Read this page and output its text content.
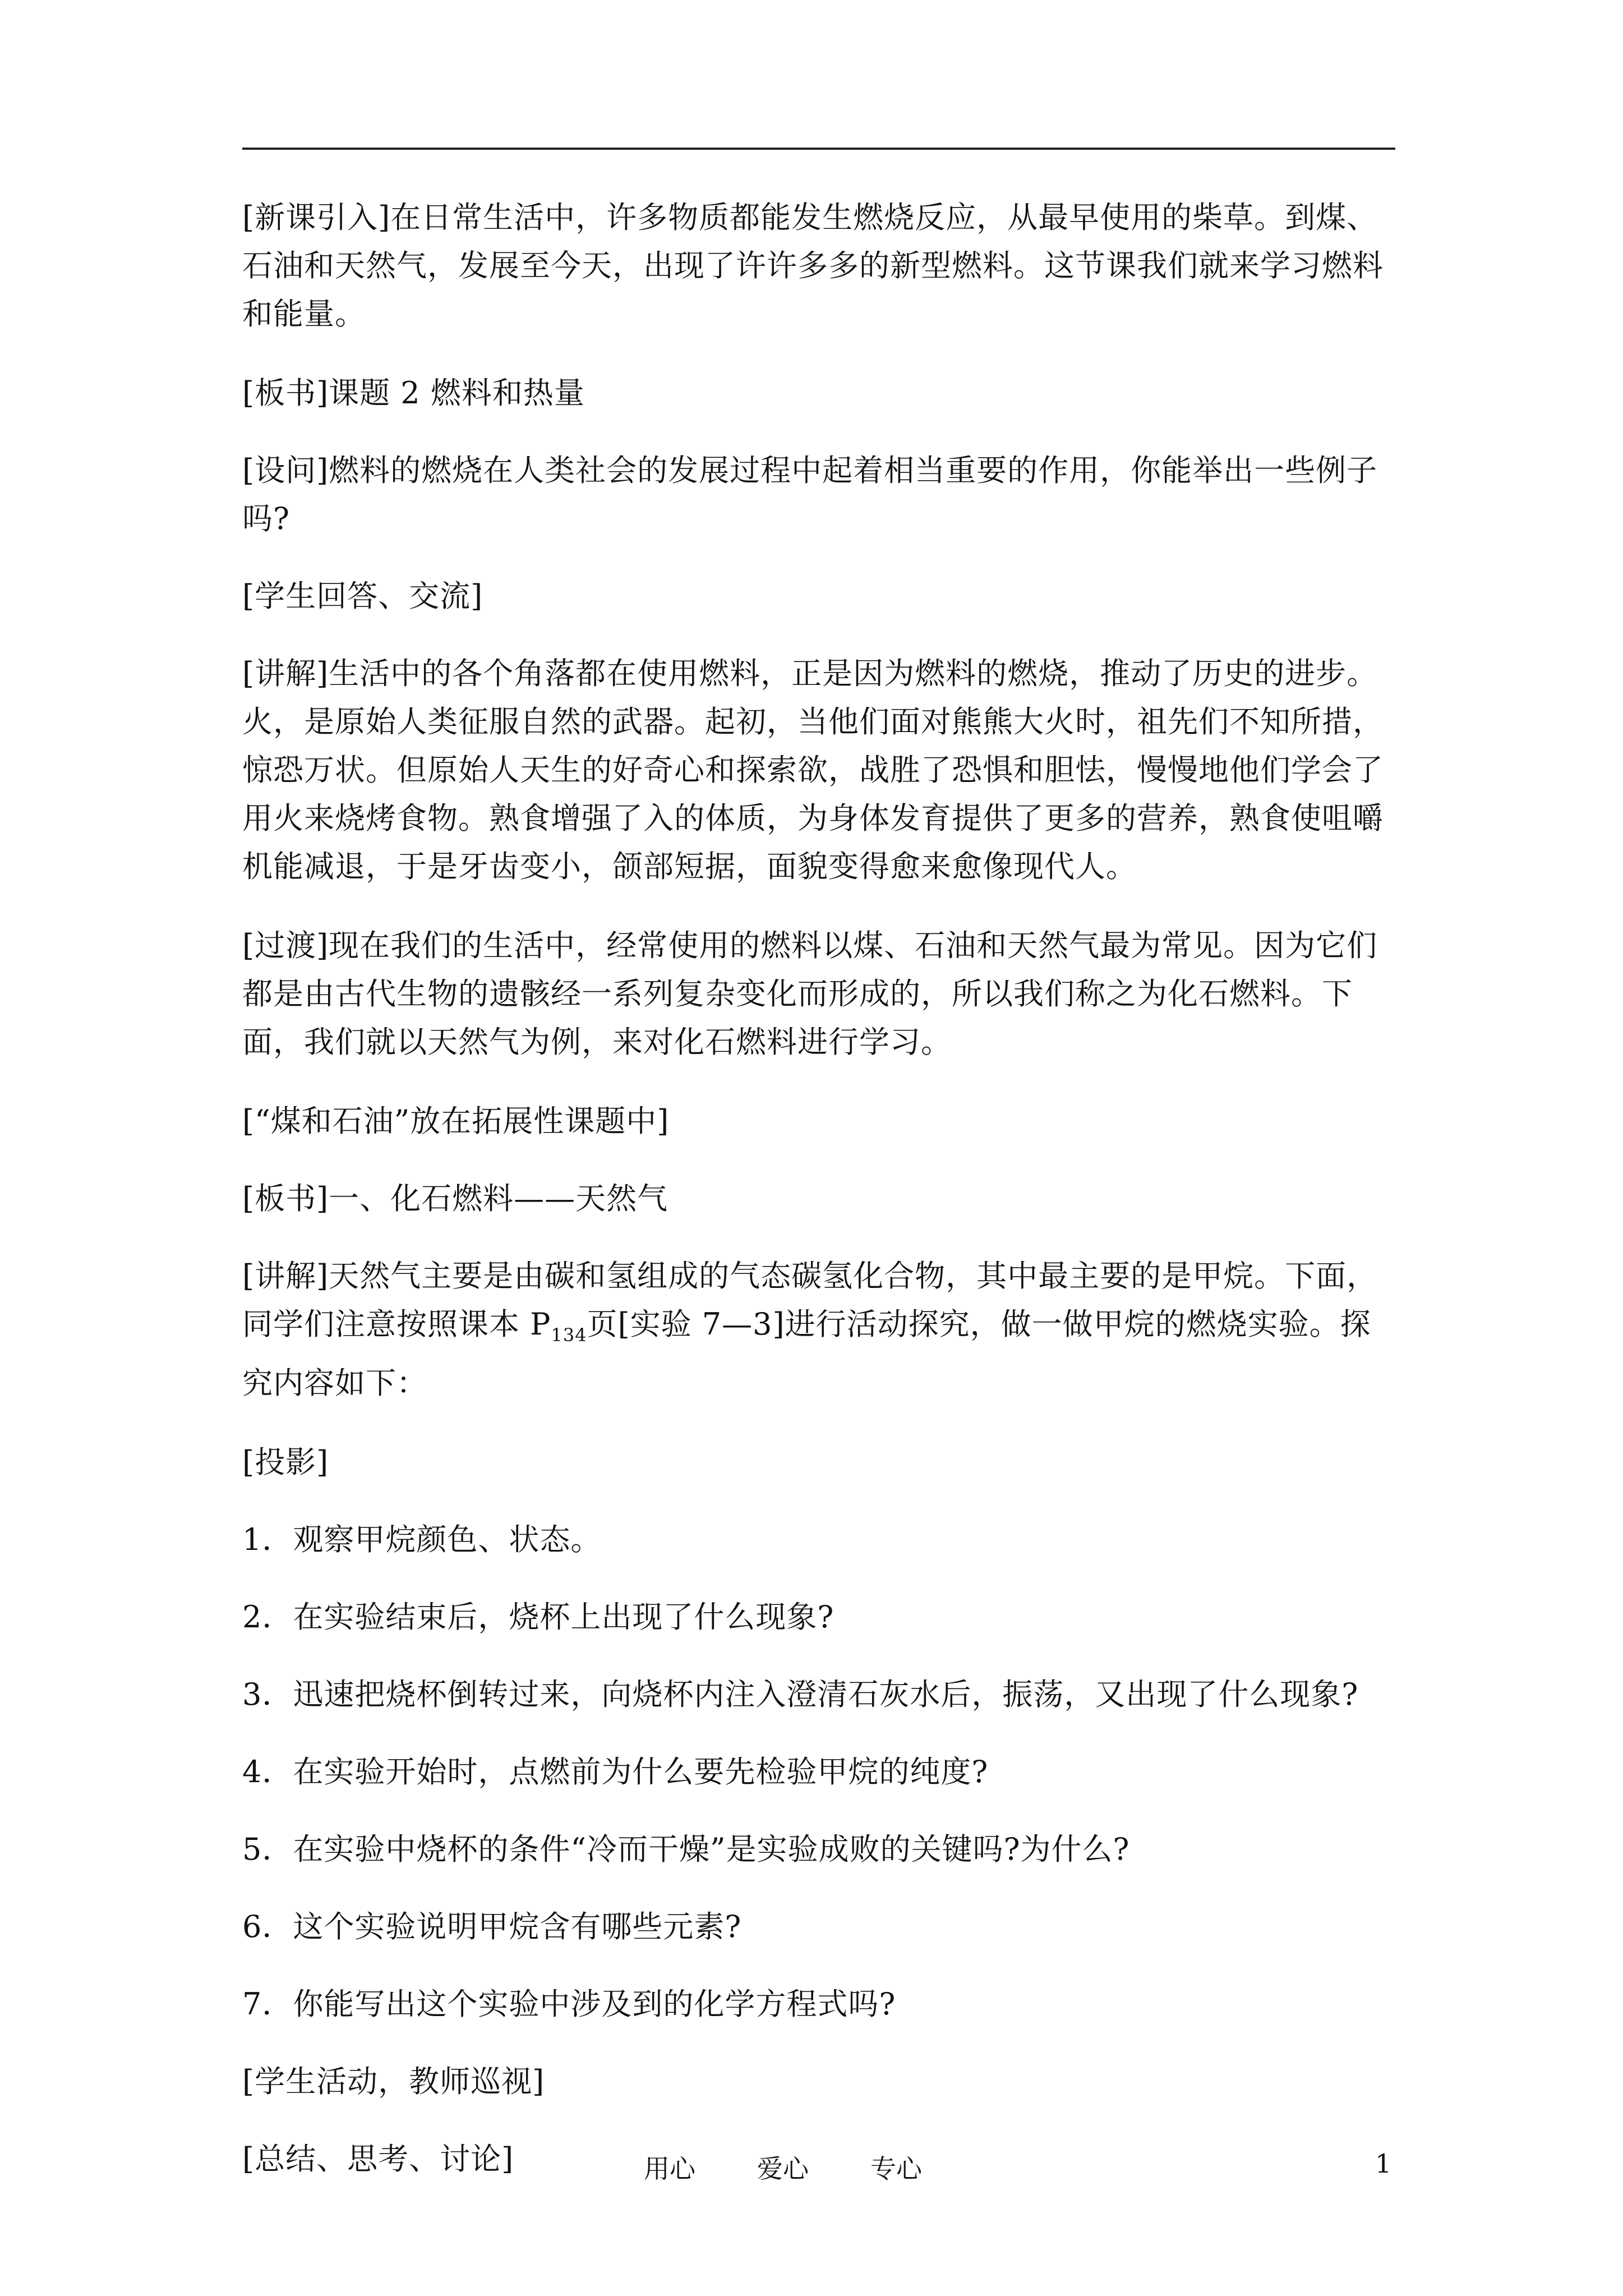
[新课引入]在日常生活中，许多物质都能发生燃烧反应，从最早使用的柴草。到煤、石油和天然气，发展至今天，出现了许许多多的新型燃料。这节课我们就来学习燃料和能量。

[板书]课题 2 燃料和热量

[设问]燃料的燃烧在人类社会的发展过程中起着相当重要的作用，你能举出一些例子吗?

[学生回答、交流]

[讲解]生活中的各个角落都在使用燃料，正是因为燃料的燃烧，推动了历史的进步。火，是原始人类征服自然的武器。起初，当他们面对熊熊大火时，祖先们不知所措，惊恐万状。但原始人天生的好奇心和探索欲，战胜了恐惧和胆怯，慢慢地他们学会了用火来烧烤食物。熟食增强了入的体质，为身体发育提供了更多的营养，熟食使咀嚼机能减退，于是牙齿变小，颌部短据，面貌变得愈来愈像现代人。

[过渡]现在我们的生活中，经常使用的燃料以煤、石油和天然气最为常见。因为它们都是由古代生物的遗骸经一系列复杂变化而形成的，所以我们称之为化石燃料。下面，我们就以天然气为例，来对化石燃料进行学习。

[“煤和石油”放在拓展性课题中]

[板书]一、化石燃料——天然气

[讲解]天然气主要是由碳和氢组成的气态碳氢化合物，其中最主要的是甲烷。下面，同学们注意按照课本 $P_{134}$页[实验 7—3]进行活动探究，做一做甲烷的燃烧实验。探究内容如下：

[投影]

1．观察甲烷颜色、状态。

2．在实验结束后，烧杯上出现了什么现象?

3．迅速把烧杯倒转过来，向烧杯内注入澄清石灰水后，振荡，又出现了什么现象?

4．在实验开始时，点燃前为什么要先检验甲烷的纯度?

5．在实验中烧杯的条件“冷而干燥”是实验成败的关键吗?为什么?

6．这个实验说明甲烷含有哪些元素?

7．你能写出这个实验中涉及到的化学方程式吗?

[学生活动，教师巡视]

[总结、思考、讨论]	用心 爱心 专心	1
